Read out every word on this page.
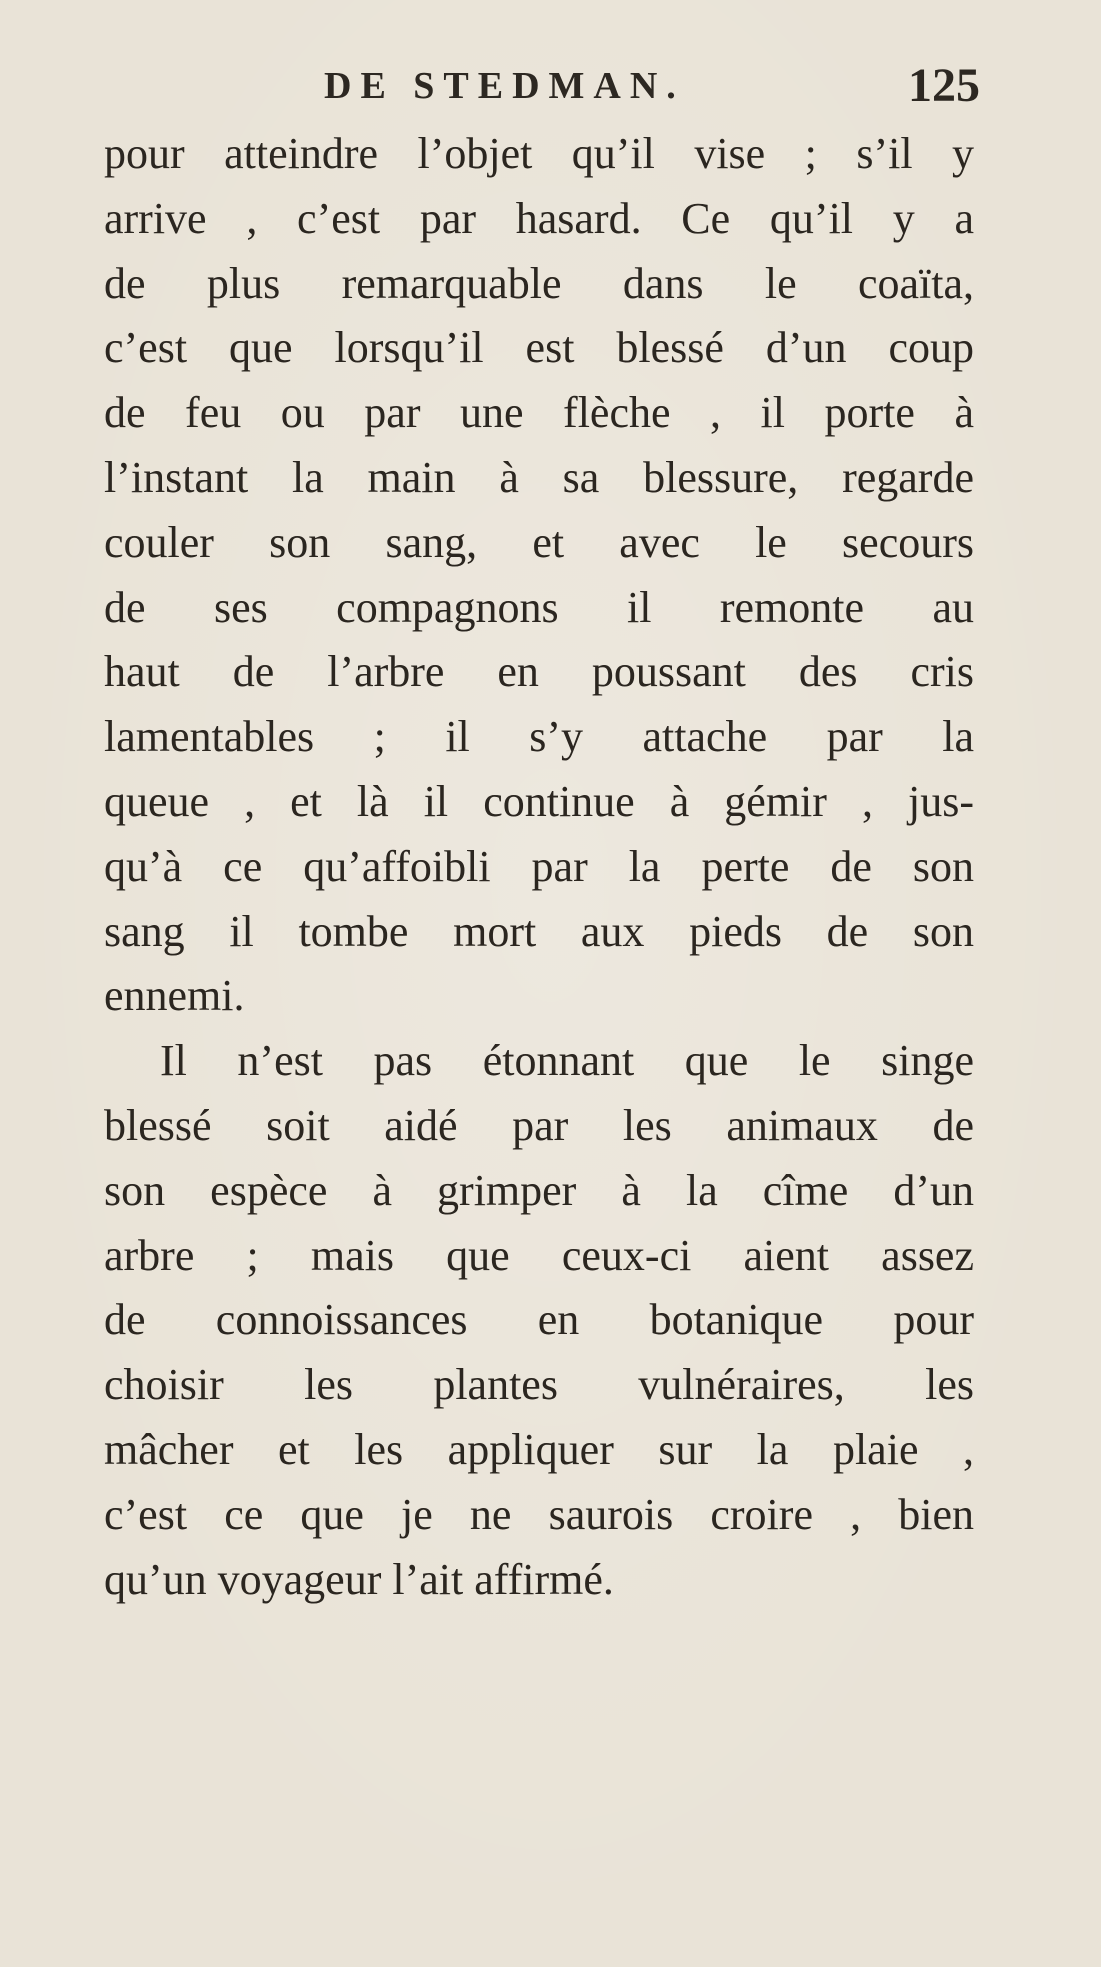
DE STEDMAN.	125
pour atteindre l’objet qu’il vise ; s’il y
arrive , c’est par hasard. Ce qu’il y a
de plus remarquable dans le coaïta,
c’est que lorsqu’il est blessé d’un coup
de feu ou par une flèche , il porte à
l’instant la main à sa blessure, regarde
couler son sang, et avec le secours
de ses compagnons il remonte au
haut de l’arbre en poussant des cris
lamentables ; il s’y attache par la
queue , et là il continue à gémir , jus-
qu’à ce qu’affoibli par la perte de son
sang il tombe mort aux pieds de son
ennemi.
Il n’est pas étonnant que le singe
blessé soit aidé par les animaux de
son espèce à grimper à la cîme d’un
arbre ; mais que ceux-ci aient assez
de connoissances en botanique pour
choisir les plantes vulnéraires, les
mâcher et les appliquer sur la plaie ,
c’est ce que je ne saurois croire , bien
qu’un voyageur l’ait affirmé.
